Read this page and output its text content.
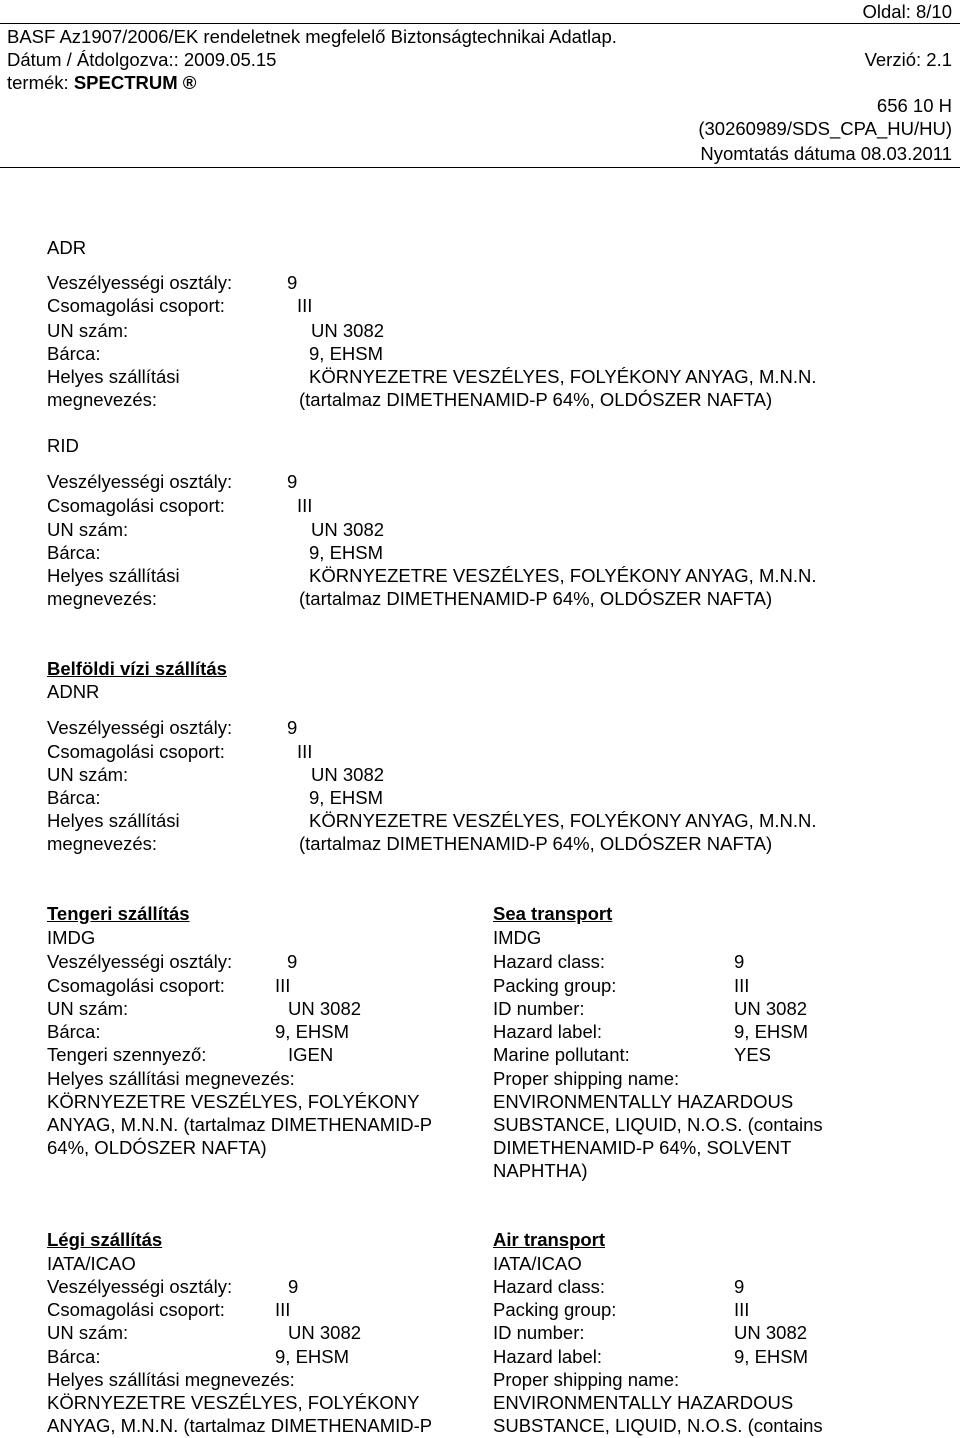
Oldal: 8/10
BASF Az1907/2006/EK rendeletnek megfelelő Biztonságtechnikai Adatlap.
Dátum / Átdolgozva:: 2009.05.15	Verzió: 2.1
termék: SPECTRUM ®
656 10 H
(30260989/SDS_CPA_HU/HU)
Nyomtatás dátuma 08.03.2011
ADR
Veszélyességi osztály:	9
Csomagolási csoport:	III
UN szám:	UN 3082
Bárca:	9, EHSM
Helyes szállítási	KÖRNYEZETRE VESZÉLYES, FOLYÉKONY ANYAG, M.N.N.
megnevezés:	(tartalmaz DIMETHENAMID-P 64%, OLDÓSZER NAFTA)
RID
Veszélyességi osztály:	9
Csomagolási csoport:	III
UN szám:	UN 3082
Bárca:	9, EHSM
Helyes szállítási	KÖRNYEZETRE VESZÉLYES, FOLYÉKONY ANYAG, M.N.N.
megnevezés:	(tartalmaz DIMETHENAMID-P 64%, OLDÓSZER NAFTA)
Belföldi vízi szállítás
ADNR
Veszélyességi osztály:	9
Csomagolási csoport:	III
UN szám:	UN 3082
Bárca:	9, EHSM
Helyes szállítási	KÖRNYEZETRE VESZÉLYES, FOLYÉKONY ANYAG, M.N.N.
megnevezés:	(tartalmaz DIMETHENAMID-P 64%, OLDÓSZER NAFTA)
Tengeri szállítás
IMDG
Veszélyességi osztály:	9
Csomagolási csoport:	III
UN szám:	UN 3082
Bárca:	9, EHSM
Tengeri szennyező:	IGEN
Helyes szállítási megnevezés:
KÖRNYEZETRE VESZÉLYES, FOLYÉKONY
ANYAG, M.N.N. (tartalmaz DIMETHENAMID-P
64%, OLDÓSZER NAFTA)
Sea transport
IMDG
Hazard class:	9
Packing group:	III
ID number:	UN 3082
Hazard label:	9, EHSM
Marine pollutant:	YES
Proper shipping name:
ENVIRONMENTALLY HAZARDOUS
SUBSTANCE, LIQUID, N.O.S. (contains
DIMETHENAMID-P 64%, SOLVENT
NAPHTHA)
Légi szállítás
IATA/ICAO
Veszélyességi osztály:	9
Csomagolási csoport:	III
UN szám:	UN 3082
Bárca:	9, EHSM
Helyes szállítási megnevezés:
KÖRNYEZETRE VESZÉLYES, FOLYÉKONY
ANYAG, M.N.N. (tartalmaz DIMETHENAMID-P
Air transport
IATA/ICAO
Hazard class:	9
Packing group:	III
ID number:	UN 3082
Hazard label:	9, EHSM
Proper shipping name:
ENVIRONMENTALLY HAZARDOUS
SUBSTANCE, LIQUID, N.O.S. (contains
